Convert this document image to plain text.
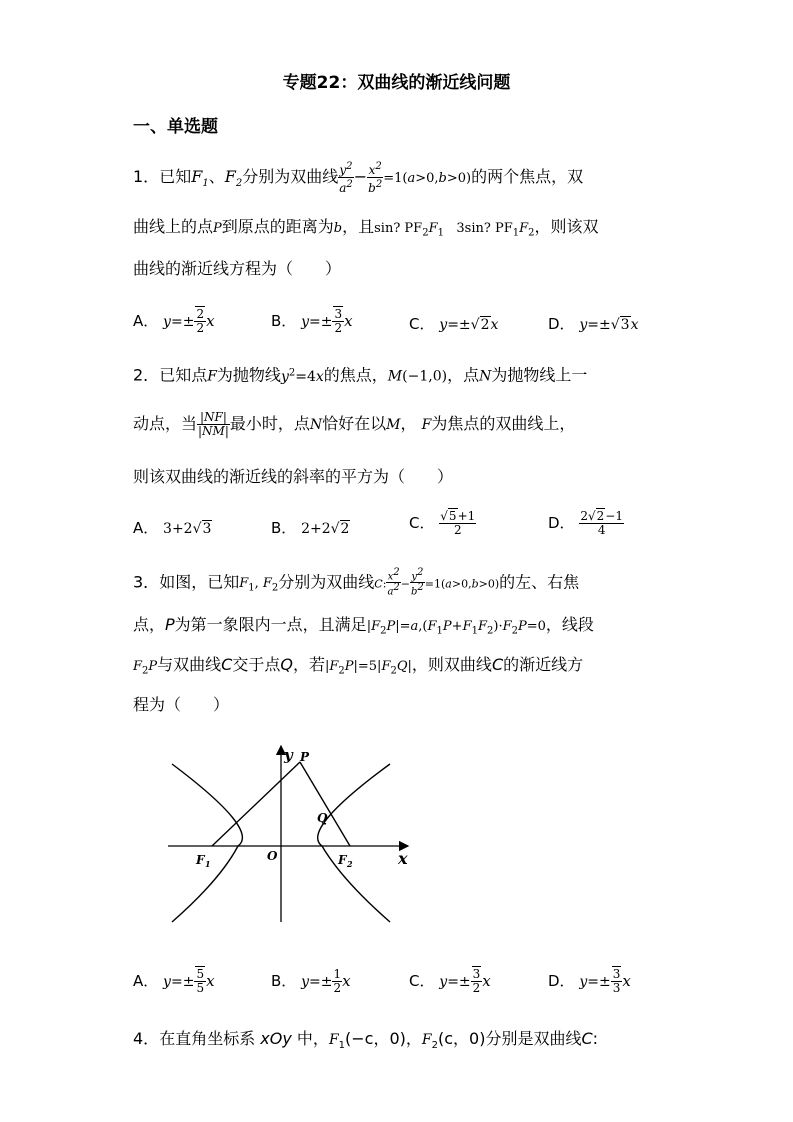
专题22：双曲线的渐近线问题
一、单选题
1．已知$F_1$、$F_2$分别为双曲线 $\frac{y^2}{a^2} - \frac{x^2}{b^2} =1(a>0,b>0)$的两个焦点，双
曲线上的点P到原点的距离为b，且sin? $PF_2F_1$ 3sin? $PF_1F_2$，则该双
曲线的渐近线方程为（　　）
A． $y=\pm \frac{2}{2}$ x	B． $y=\pm \frac{3}{2}$ x	C． y=±√2x	D． y=±√3x
2．已知点F为抛物线$y^2=4x$的焦点，M(−1,0)，点N为抛物线上一
动点，当 $\frac{|NF|}{|NM|}$ 最小时，点N恰好在以M， F为焦点的双曲线上，
则该双曲线的渐近线的斜率的平方为（　　）
A． 3+2√3	B． 2+2√2	C． $\frac{√5+1}{2}$	D． $\frac{2√2-1}{4}$
3．如图，已知$F_1$, $F_2$分别为双曲线C: $\frac{x^2}{a^2} - \frac{y^2}{b^2} =1(a>0,b>0)$的左、右焦
点，P为第一象限内一点，且满足$|F_2P|=a,(F_1P+F_1F_2)\cdot F_2P=0$，线段
$F_2P$与双曲线C交于点Q，若$|F_2P|=5|F_2Q|$，则双曲线C的渐近线方
程为（　　）
y P
Q
O	x
F 1	F 2
A． $y=\pm \frac{5}{5}$ x	B． $y=\pm \frac{1}{2}$ x	C． $y=\pm \frac{3}{2}$ x	D． $y=\pm \frac{3}{3}$ x
4．在直角坐标系 xOy 中，$F_1(-c$，0)，$F_2(c$，0)分别是双曲线C:
